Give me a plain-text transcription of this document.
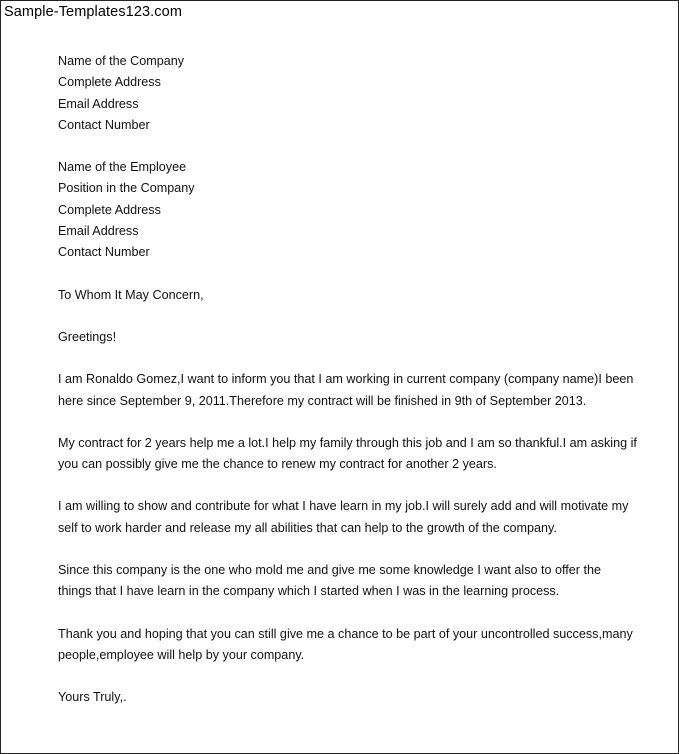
Sample-Templates123.com
Name of the Company
Complete Address
Email Address
Contact Number
Name of the Employee
Position in the Company
Complete Address
Email Address
Contact Number
To Whom It May Concern,
Greetings!
I am Ronaldo Gomez,I want to inform you that I am working in current company (company name)I been
here since September 9, 2011.Therefore my contract will be finished in 9th of September 2013.
My contract for 2 years help me a lot.I help my family through this job and I am so thankful.I am asking if
you can possibly give me the chance to renew my contract for another 2 years.
I am willing to show and contribute for what I have learn in my job.I will surely add and will motivate my
self to work harder and release my all abilities that can help to the growth of the company.
Since this company is the one who mold me and give me some knowledge I want also to offer the
things that I have learn in the company which I started when I was in the learning process.
Thank you and hoping that you can still give me a chance to be part of your uncontrolled success,many
people,employee will help by your company.
Yours Truly,.
